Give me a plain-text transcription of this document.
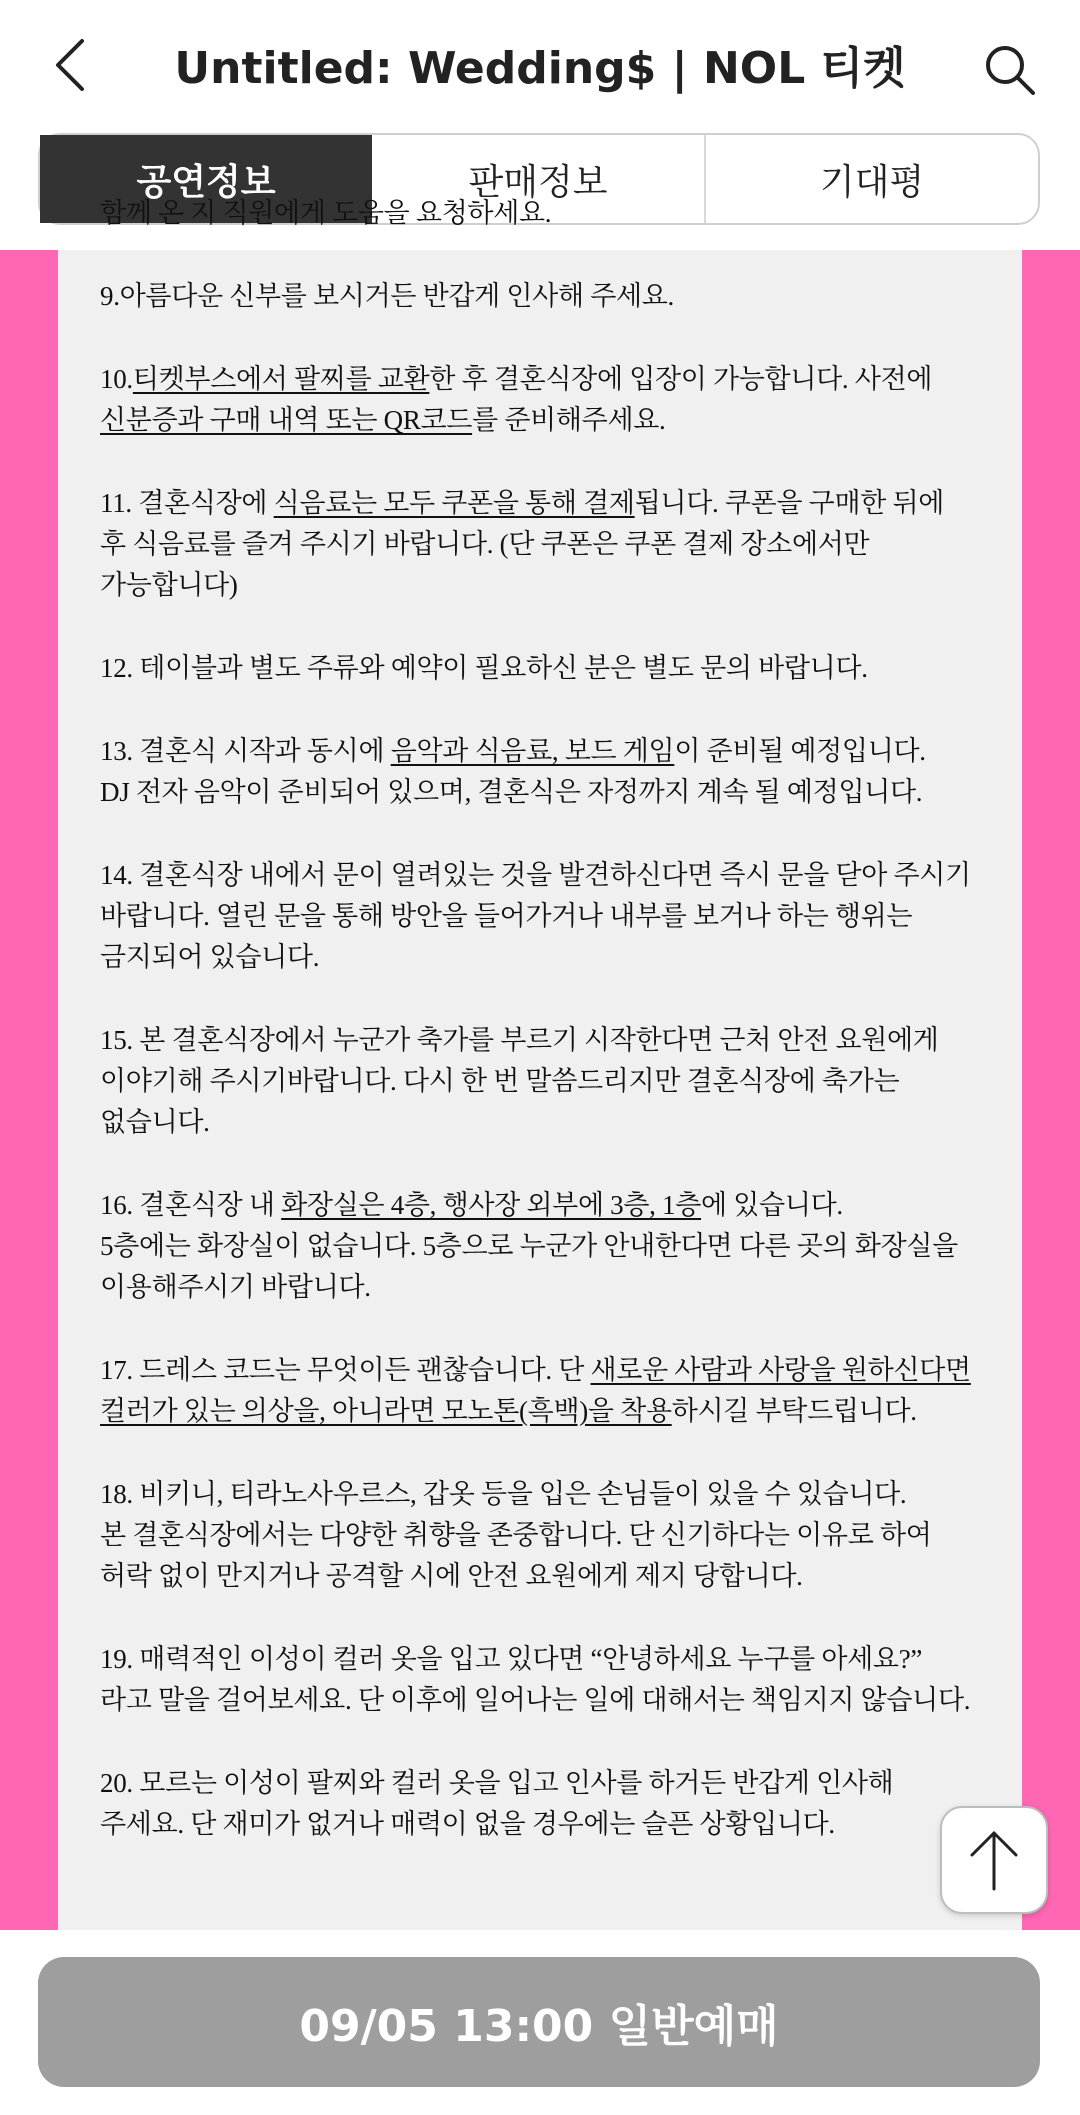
Untitled: Wedding$ | NOL 티켓
공연정보	판매정보	기대평
함께 온 지 직원에게 도움을 요청하세요.
9.아름다운 신부를 보시거든 반갑게 인사해 주세요.
10.티켓부스에서 팔찌를 교환한 후 결혼식장에 입장이 가능합니다. 사전에
신분증과 구매 내역 또는 QR코드를 준비해주세요.
11. 결혼식장에 식음료는 모두 쿠폰을 통해 결제됩니다. 쿠폰을 구매한 뒤에
후 식음료를 즐겨 주시기 바랍니다. (단 쿠폰은 쿠폰 결제 장소에서만
가능합니다)
12. 테이블과 별도 주류와 예약이 필요하신 분은 별도 문의 바랍니다.
13. 결혼식 시작과 동시에 음악과 식음료, 보드 게임이 준비될 예정입니다.
DJ 전자 음악이 준비되어 있으며, 결혼식은 자정까지 계속 될 예정입니다.
14. 결혼식장 내에서 문이 열려있는 것을 발견하신다면 즉시 문을 닫아 주시기
바랍니다. 열린 문을 통해 방안을 들어가거나 내부를 보거나 하는 행위는
금지되어 있습니다.
15. 본 결혼식장에서 누군가 축가를 부르기 시작한다면 근처 안전 요원에게
이야기해 주시기바랍니다. 다시 한 번 말씀드리지만 결혼식장에 축가는
없습니다.
16. 결혼식장 내 화장실은 4층, 행사장 외부에 3층, 1층에 있습니다.
5층에는 화장실이 없습니다. 5층으로 누군가 안내한다면 다른 곳의 화장실을
이용해주시기 바랍니다.
17. 드레스 코드는 무엇이든 괜찮습니다. 단 새로운 사람과 사랑을 원하신다면
컬러가 있는 의상을, 아니라면 모노톤(흑백)을 착용하시길 부탁드립니다.
18. 비키니, 티라노사우르스, 갑옷 등을 입은 손님들이 있을 수 있습니다.
본 결혼식장에서는 다양한 취향을 존중합니다. 단 신기하다는 이유로 하여
허락 없이 만지거나 공격할 시에 안전 요원에게 제지 당합니다.
19. 매력적인 이성이 컬러 옷을 입고 있다면 “안녕하세요 누구를 아세요?”
라고 말을 걸어보세요. 단 이후에 일어나는 일에 대해서는 책임지지 않습니다.
20. 모르는 이성이 팔찌와 컬러 옷을 입고 인사를 하거든 반갑게 인사해
주세요. 단 재미가 없거나 매력이 없을 경우에는 슬픈 상황입니다.
09/05 13:00 일반예매
